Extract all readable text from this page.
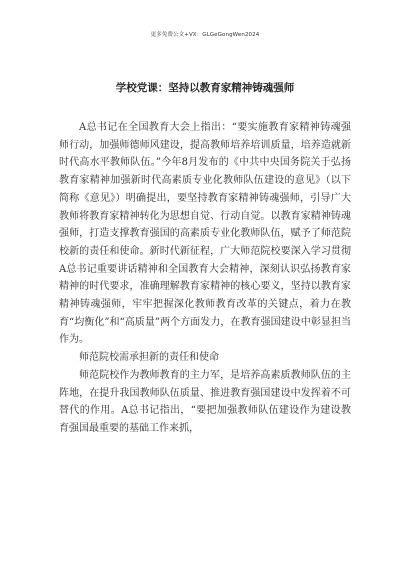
更多免费公文+VX：GLGeGongWen2024
学校党课：坚持以教育家精神铸魂强师

A总书记在全国教育大会上指出：“要实施教育家精神铸魂强师行动，加强师德师风建设，提高教师培养培训质量，培养造就新时代高水平教师队伍。”今年8月发布的《中共中央国务院关于弘扬教育家精神加强新时代高素质专业化教师队伍建设的意见》（以下简称《意见》）明确提出，要坚持教育家精神铸魂强师，引导广大教师将教育家精神转化为思想自觉、行动自觉。以教育家精神铸魂强师，打造支撑教育强国的高素质专业化教师队伍，赋予了师范院校新的责任和使命。新时代新征程，广大师范院校要深入学习贯彻A总书记重要讲话精神和全国教育大会精神，深刻认识弘扬教育家精神的时代要求，准确理解教育家精神的核心要义，坚持以教育家精神铸魂强师，牢牢把握深化教师教育改革的关键点，着力在教育“均衡化”和“高质量”两个方面发力，在教育强国建设中彰显担当作为。

师范院校需承担新的责任和使命

师范院校作为教师教育的主力军，是培养高素质教师队伍的主阵地，在提升我国教师队伍质量、推进教育强国建设中发挥着不可替代的作用。A总书记指出，“要把加强教师队伍建设作为建设教育强国最重要的基础工作来抓，
